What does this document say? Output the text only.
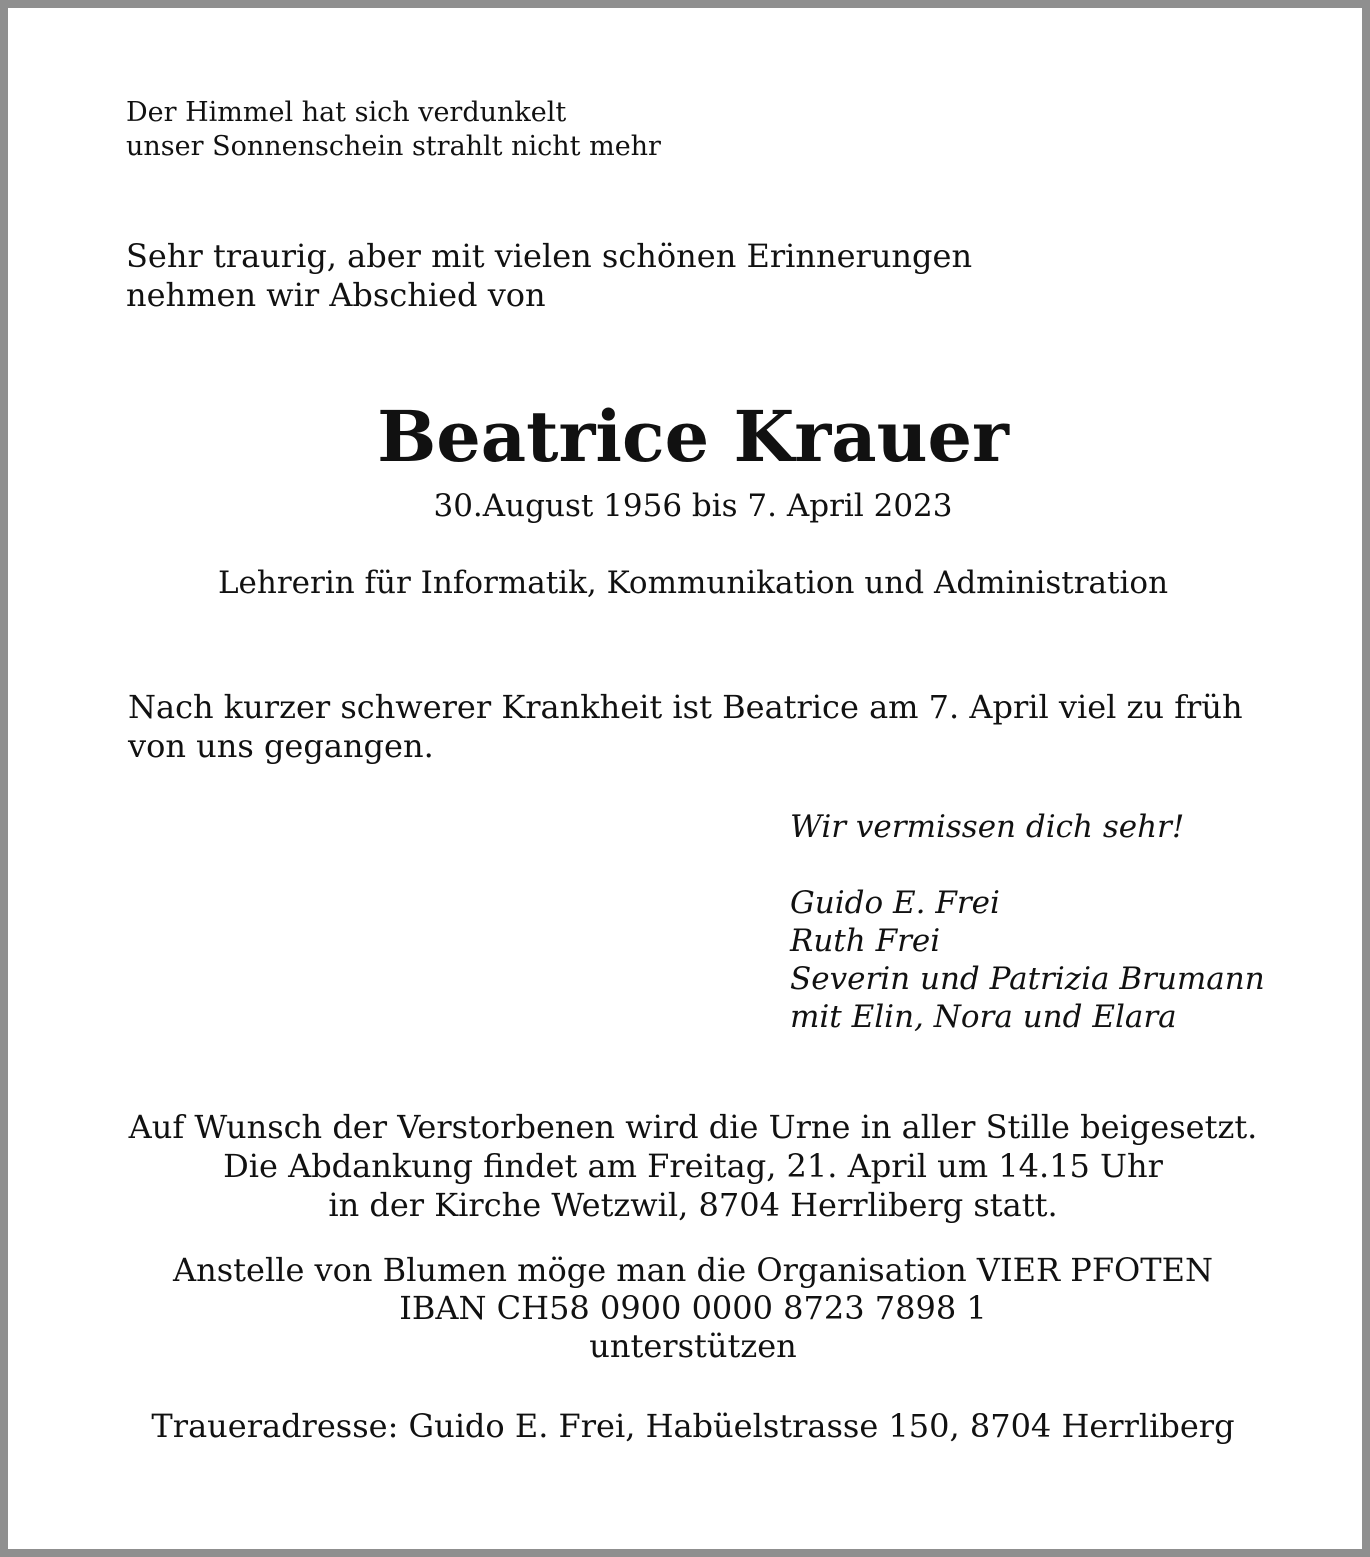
Der Himmel hat sich verdunkelt
unser Sonnenschein strahlt nicht mehr
Sehr traurig, aber mit vielen schönen Erinnerungen
nehmen wir Abschied von
Beatrice Krauer
30.August 1956 bis 7. April 2023
Lehrerin für Informatik, Kommunikation und Administration
Nach kurzer schwerer Krankheit ist Beatrice am 7. April viel zu früh
von uns gegangen.
Wir vermissen dich sehr!
Guido E. Frei
Ruth Frei
Severin und Patrizia Brumann
mit Elin, Nora und Elara
Auf Wunsch der Verstorbenen wird die Urne in aller Stille beigesetzt.
Die Abdankung findet am Freitag, 21. April um 14.15 Uhr
in der Kirche Wetzwil, 8704 Herrliberg statt.
Anstelle von Blumen möge man die Organisation VIER PFOTEN
IBAN CH58 0900 0000 8723 7898 1
unterstützen
Traueradresse: Guido E. Frei, Habüelstrasse 150, 8704 Herrliberg
